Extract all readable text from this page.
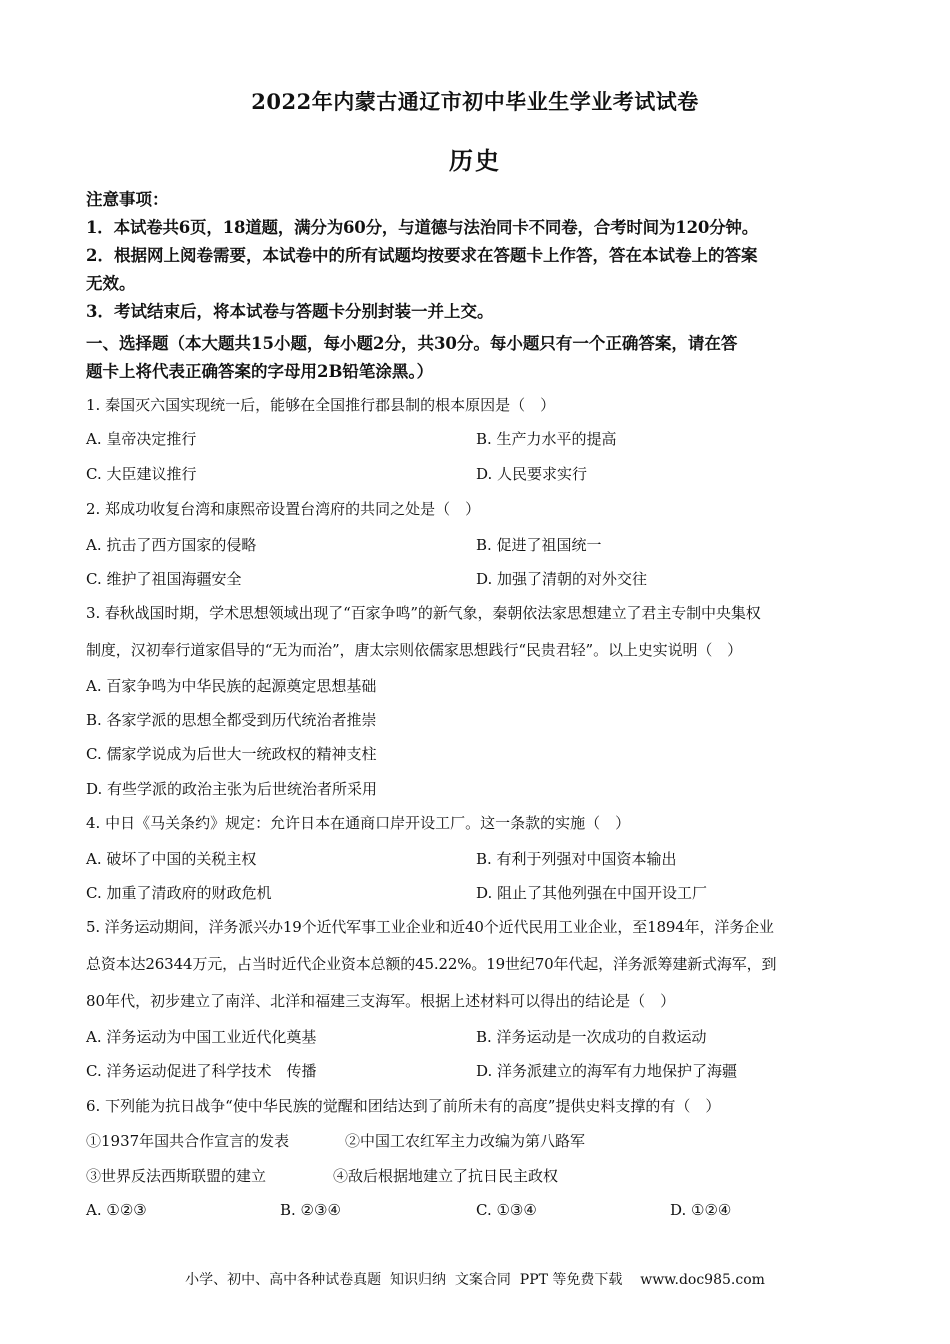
2022年内蒙古通辽市初中毕业生学业考试试卷
历史
注意事项：
1．本试卷共6页，18道题，满分为60分，与道德与法治同卡不同卷，合考时间为120分钟。
2．根据网上阅卷需要，本试卷中的所有试题均按要求在答题卡上作答，答在本试卷上的答案
无效。
3．考试结束后，将本试卷与答题卡分别封装一并上交。
一、选择题（本大题共15小题，每小题2分，共30分。每小题只有一个正确答案，请在答
题卡上将代表正确答案的字母用2B铅笔涂黑。）
1. 秦国灭六国实现统一后，能够在全国推行郡县制的根本原因是（　）
A. 皇帝决定推行	B. 生产力水平的提高
C. 大臣建议推行	D. 人民要求实行
2. 郑成功收复台湾和康熙帝设置台湾府的共同之处是（　）
A. 抗击了西方国家的侵略	B. 促进了祖国统一
C. 维护了祖国海疆安全	D. 加强了清朝的对外交往
3. 春秋战国时期，学术思想领域出现了“百家争鸣”的新气象，秦朝依法家思想建立了君主专制中央集权
制度，汉初奉行道家倡导的“无为而治”，唐太宗则依儒家思想践行“民贵君轻”。以上史实说明（　）
A. 百家争鸣为中华民族的起源奠定思想基础
B. 各家学派的思想全都受到历代统治者推崇
C. 儒家学说成为后世大一统政权的精神支柱
D. 有些学派的政治主张为后世统治者所采用
4. 中日《马关条约》规定：允许日本在通商口岸开设工厂。这一条款的实施（　）
A. 破坏了中国的关税主权	B. 有利于列强对中国资本输出
C. 加重了清政府的财政危机	D. 阻止了其他列强在中国开设工厂
5. 洋务运动期间，洋务派兴办19个近代军事工业企业和近40个近代民用工业企业，至1894年，洋务企业
总资本达26344万元，占当时近代企业资本总额的45.22%。19世纪70年代起，洋务派筹建新式海军，到
80年代，初步建立了南洋、北洋和福建三支海军。根据上述材料可以得出的结论是（　）
A. 洋务运动为中国工业近代化奠基	B. 洋务运动是一次成功的自救运动
C. 洋务运动促进了科学技术　传播	D. 洋务派建立的海军有力地保护了海疆
6. 下列能为抗日战争“使中华民族的觉醒和团结达到了前所未有的高度”提供史料支撑的有（　）
①1937年国共合作宣言的发表	②中国工农红军主力改编为第八路军
③世界反法西斯联盟的建立	④敌后根据地建立了抗日民主政权
A. ①②③	B. ②③④	C. ①③④	D. ①②④
小学、初中、高中各种试卷真题  知识归纳  文案合同  PPT 等免费下载    www.doc985.com
